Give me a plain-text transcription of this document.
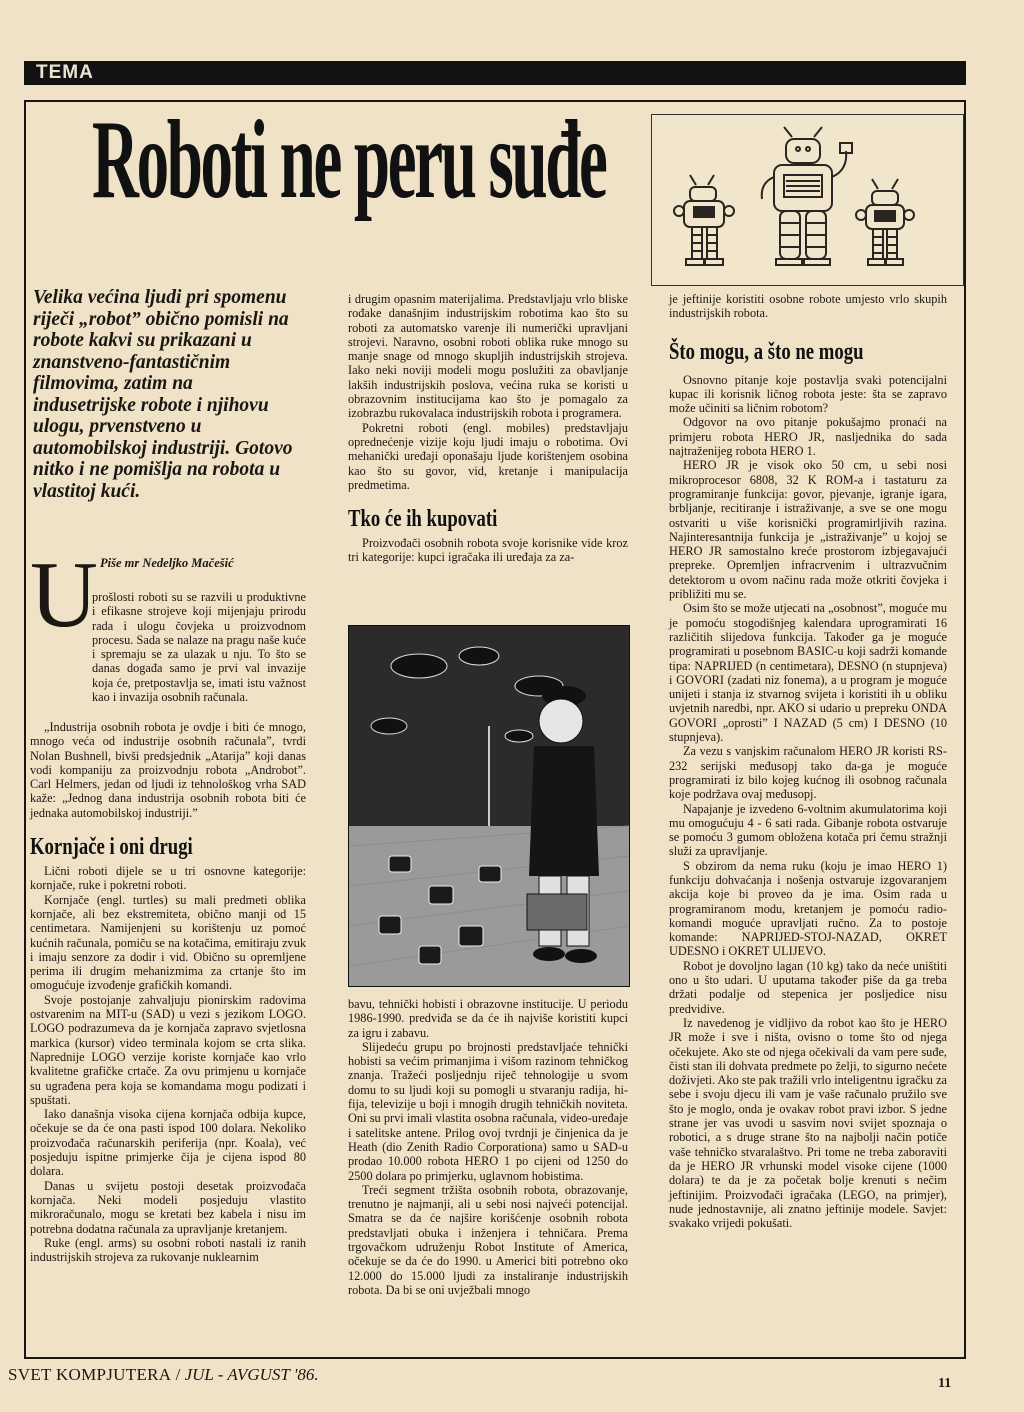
TEMA
Roboti ne peru suđe
Velika većina ljudi pri spomenu riječi „robot” obično pomisli na robote kakvi su prikazani u znanstveno-fantastičnim filmovima, zatim na indusetrijske robote i njihovu ulogu, prvenstveno u automobilskoj industriji. Gotovo nitko i ne pomišlja na robota u vlastitoj kući.
U Piše mr Nedeljko Mačešić

prošlosti roboti su se razvili u produktivne i efikasne strojeve koji mijenjaju prirodu rada i ulogu čovjeka u proizvodnom procesu. Sada se nalaze na pragu naše kuće i spremaju se za ulazak u nju. To što se danas događa samo je prvi val invazije koja će, pretpostavlja se, imati istu važnost kao i invazija osobnih računala.

„Industrija osobnih robota je ovdje i biti će mnogo, mnogo veća od industrije osobnih računala”, tvrdi Nolan Bushnell, bivši predsjednik „Atarija” koji danas vodi kompaniju za proizvodnju robota „Androbot”. Carl Helmers, jedan od ljudi iz tehnološkog vrha SAD kaže: „Jednog dana industrija osobnih robota biti će jednaka automobilskoj industriji.”

Kornjače i oni drugi

Lični roboti dijele se u tri osnovne kategorije: kornjače, ruke i pokretni roboti.

Kornjače (engl. turtles) su mali predmeti oblika kornjače, ali bez ekstremiteta, obično manji od 15 centimetara. Namijenjeni su korištenju uz pomoć kućnih računala, pomiču se na kotačima, emitiraju zvuk i imaju senzore za dodir i vid. Obično su opremljene perima ili drugim mehanizmima za crtanje što im omogućuje izvođenje grafičkih komandi.

Svoje postojanje zahvaljuju pionirskim radovima ostvarenim na MIT-u (SAD) u vezi s jezikom LOGO. LOGO podrazumeva da je kornjača zapravo svjetlosna markica (kursor) video terminala kojom se crta slika. Naprednije LOGO verzije koriste kornjače kao vrlo kvalitetne grafičke crtače. Za ovu primjenu u kornjače su ugrađena pera koja se komandama mogu podizati i spuštati.

Iako današnja visoka cijena kornjača odbija kupce, očekuje se da će ona pasti ispod 100 dolara. Nekoliko proizvođača računarskih periferija (npr. Koala), već posjeduju ispitne primjerke čija je cijena ispod 80 dolara.

Danas u svijetu postoji desetak proizvođača kornjača. Neki modeli posjeduju vlastito mikroračunalo, mogu se kretati bez kabela i nisu im potrebna dodatna računala za upravljanje kretanjem.

Ruke (engl. arms) su osobni roboti nastali iz ranih industrijskih strojeva za rukovanje nuklearnim

i drugim opasnim materijalima. Predstavljaju vrlo bliske rođake današnjim industrijskim robotima kao što su roboti za automatsko varenje ili numerički upravljani strojevi. Naravno, osobni roboti oblika ruke mnogo su manje snage od mnogo skupljih industrijskih strojeva. Iako neki noviji modeli mogu poslužiti za obavljanje lakših industrijskih poslova, većina ruka se koristi u obrazovnim institucijama kao što je pomagalo za izobrazbu rukovalaca industrijskih robota i programera.

Pokretni roboti (engl. mobiles) predstavljaju oprednećenje vizije koju ljudi imaju o robotima. Ovi mehanički uređaji oponašaju ljude korištenjem osobina kao što su govor, vid, kretanje i manipulacija predmetima.

Tko će ih kupovati

Proizvođači osobnih robota svoje korisnike vide kroz tri kategorije: kupci igračaka ili uređaja za za-

bavu, tehnički hobisti i obrazovne institucije. U periodu 1986-1990. predviđa se da će ih najviše koristiti kupci za igru i zabavu.

Slijedeću grupu po brojnosti predstavljaće tehnički hobisti sa većim primanjima i višom razinom tehničkog znanja. Tražeći posljednju riječ tehnologije u svom domu to su ljudi koji su pomogli u stvaranju radija, hi-fija, televizije u boji i mnogih drugih tehničkih noviteta. Oni su prvi imali vlastita osobna računala, video-uređaje i satelitske antene. Prilog ovoj tvrdnji je činjenica da je Heath (dio Zenith Radio Corporationa) samo u SAD-u prodao 10.000 robota HERO 1 po cijeni od 1250 do 2500 dolara po primjerku, uglavnom hobistima.

Treći segment tržišta osobnih robota, obrazovanje, trenutno je najmanji, ali u sebi nosi najveći potencijal. Smatra se da će najšire korišćenje osobnih robota predstavljati obuka i inženjera i tehničara. Prema trgovačkom udruženju Robot Institute of America, očekuje se da će do 1990. u Americi biti potrebno oko 12.000 do 15.000 ljudi za instaliranje industrijskih robota. Da bi se oni uvježbali mnogo

je jeftinije koristiti osobne robote umjesto vrlo skupih industrijskih robota.

Što mogu, a što ne mogu

Osnovno pitanje koje postavlja svaki potencijalni kupac ili korisnik ličnog robota jeste: šta se zapravo može učiniti sa ličnim robotom?

Odgovor na ovo pitanje pokušajmo pronaći na primjeru robota HERO JR, nasljednika do sada najtraženijeg robota HERO 1.

HERO JR je visok oko 50 cm, u sebi nosi mikroprocesor 6808, 32 K ROM-a i tastaturu za programiranje funkcija: govor, pjevanje, igranje igara, brbljanje, recitiranje i istraživanje, a sve se one mogu ostvariti u više korisnički programirljivih razina. Najinteresantnija funkcija je „istraživanje” u kojoj se HERO JR samostalno kreće prostorom izbjegavajući prepreke. Opremljen infracrvenim i ultrazvučnim detektorom u ovom načinu rada može otkriti čovjeka i približiti mu se.

Osim što se može utjecati na „osobnost”, moguće mu je pomoću stogodišnjeg kalendara uprogramirati 16 različitih slijedova funkcija. Također ga je moguće programirati u posebnom BASIC-u koji sadrži komande tipa: NAPRIJED (n centimetara), DESNO (n stupnjeva) i GOVORI (zadati niz fonema), a u program je moguće unijeti i stanja iz stvarnog svijeta i koristiti ih u obliku uvjetnih naredbi, npr. AKO si udario u prepreku ONDA GOVORI „oprosti” I NAZAD (5 cm) I DESNO (10 stupnjeva).

Za vezu s vanjskim računalom HERO JR koristi RS-232 serijski međusopj tako da-ga je moguće programirati iz bilo kojeg kućnog ili osobnog računala koje podržava ovaj međusopj.

Napajanje je izvedeno 6-voltnim akumulatorima koji mu omogućuju 4 - 6 sati rada. Gibanje robota ostvaruje se pomoću 3 gumom obložena kotača pri čemu stražnji služi za upravljanje.

S obzirom da nema ruku (koju je imao HERO 1) funkciju dohvaćanja i nošenja ostvaruje izgovaranjem akcija koje bi proveo da je ima. Osim rada u programiranom modu, kretanjem je pomoću radio-komandi moguće upravljati ručno. Za to postoje komande: NAPRIJED-STOJ-NAZAD, OKRET UDESNO i OKRET ULIJEVO.

Robot je dovoljno lagan (10 kg) tako da neće uništiti ono u što udari. U uputama također piše da ga treba držati podalje od stepenica jer posljedice nisu predvidive.

Iz navedenog je vidljivo da robot kao što je HERO JR može i sve i ništa, ovisno o tome što od njega očekujete. Ako ste od njega očekivali da vam pere suđe, čisti stan ili dohvata predmete po želji, to sigurno nećete doživjeti. Ako ste pak tražili vrlo inteligentnu igračku za sebe i svoju djecu ili vam je vaše računalo pružilo sve što je moglo, onda je ovakav robot pravi izbor. S jedne strane jer vas uvodi u sasvim novi svijet spoznaja o robotici, a s druge strane što na najbolji način potiče vaše tehničko stvaralaštvo. Pri tome ne treba zaboraviti da je HERO JR vrhunski model visoke cijene (1000 dolara) te da je za početak bolje krenuti s nečim jeftinijim. Proizvođači igračaka (LEGO, na primjer), nude jednostavnije, ali znatno jeftinije modele. Savjet: svakako vrijedi pokušati.

SVET KOMPJUTERA / JUL - AVGUST '86.	11
